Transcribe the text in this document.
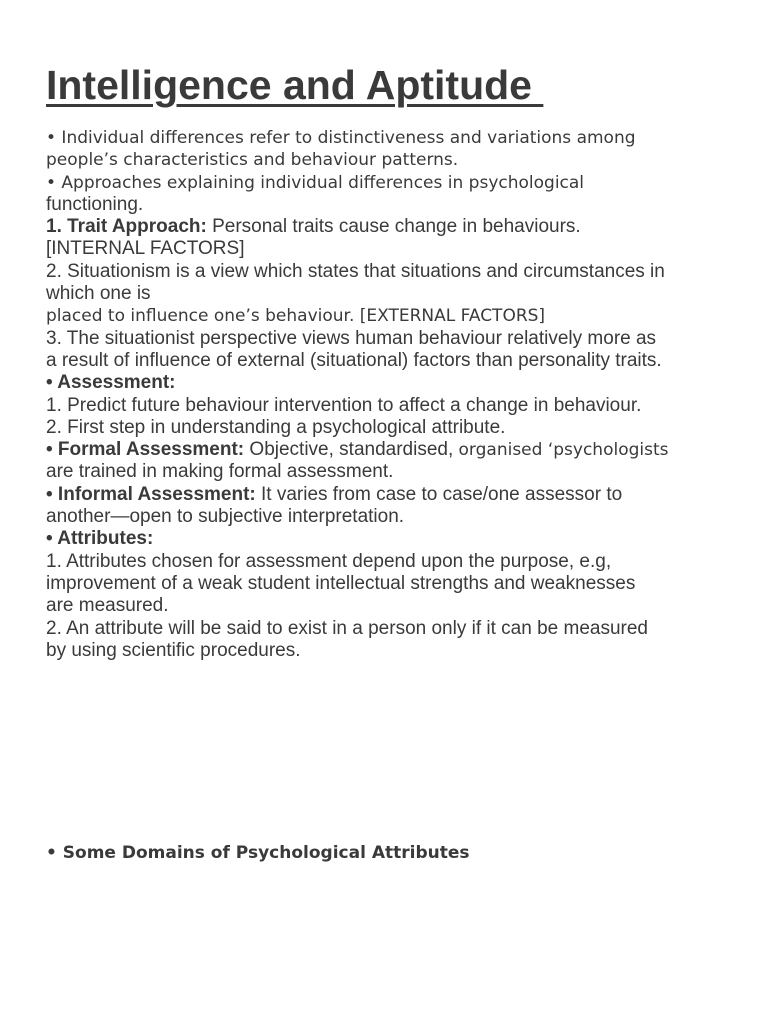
Intelligence and Aptitude
• Individual differences refer to distinctiveness and variations among
people’s characteristics and behaviour patterns.
• Approaches explaining individual differences in psychological
functioning.
1. Trait Approach: Personal traits cause change in behaviours.
[INTERNAL FACTORS]
2. Situationism is a view which states that situations and circumstances in
which one is
placed to influence one’s behaviour. [EXTERNAL FACTORS]
3. The situationist perspective views human behaviour relatively more as
a result of influence of external (situational) factors than personality traits.
• Assessment:
1. Predict future behaviour intervention to affect a change in behaviour.
2. First step in understanding a psychological attribute.
• Formal Assessment: Objective, standardised, organised ‘psychologists
are trained in making formal assessment.
• Informal Assessment: It varies from case to case/one assessor to
another—open to subjective interpretation.
• Attributes:
1. Attributes chosen for assessment depend upon the purpose, e.g,
improvement of a weak student intellectual strengths and weaknesses
are measured.
2. An attribute will be said to exist in a person only if it can be measured
by using scientific procedures.
• Some Domains of Psychological Attributes
